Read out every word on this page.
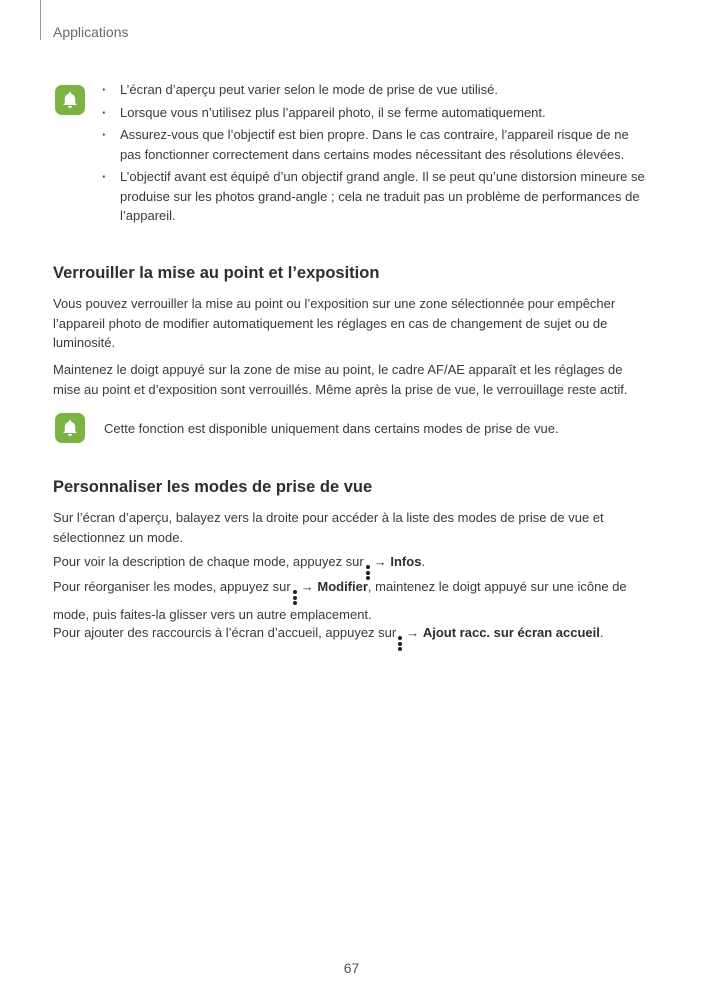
Applications
· L’écran d’aperçu peut varier selon le mode de prise de vue utilisé.
· Lorsque vous n’utilisez plus l’appareil photo, il se ferme automatiquement.
· Assurez-vous que l’objectif est bien propre. Dans le cas contraire, l’appareil risque de ne pas fonctionner correctement dans certains modes nécessitant des résolutions élevées.
· L’objectif avant est équipé d’un objectif grand angle. Il se peut qu’une distorsion mineure se produise sur les photos grand-angle ; cela ne traduit pas un problème de performances de l’appareil.
Verrouiller la mise au point et l’exposition

Vous pouvez verrouiller la mise au point ou l’exposition sur une zone sélectionnée pour empêcher l’appareil photo de modifier automatiquement les réglages en cas de changement de sujet ou de luminosité.

Maintenez le doigt appuyé sur la zone de mise au point, le cadre AF/AE apparaît et les réglages de mise au point et d’exposition sont verrouillés. Même après la prise de vue, le verrouillage reste actif.

Cette fonction est disponible uniquement dans certains modes de prise de vue.
Personnaliser les modes de prise de vue

Sur l’écran d’aperçu, balayez vers la droite pour accéder à la liste des modes de prise de vue et sélectionnez un mode.

Pour voir la description de chaque mode, appuyez sur → Infos.

Pour réorganiser les modes, appuyez sur → Modifier, maintenez le doigt appuyé sur une icône de mode, puis faites-la glisser vers un autre emplacement.

Pour ajouter des raccourcis à l’écran d’accueil, appuyez sur → Ajout racc. sur écran accueil.

67
